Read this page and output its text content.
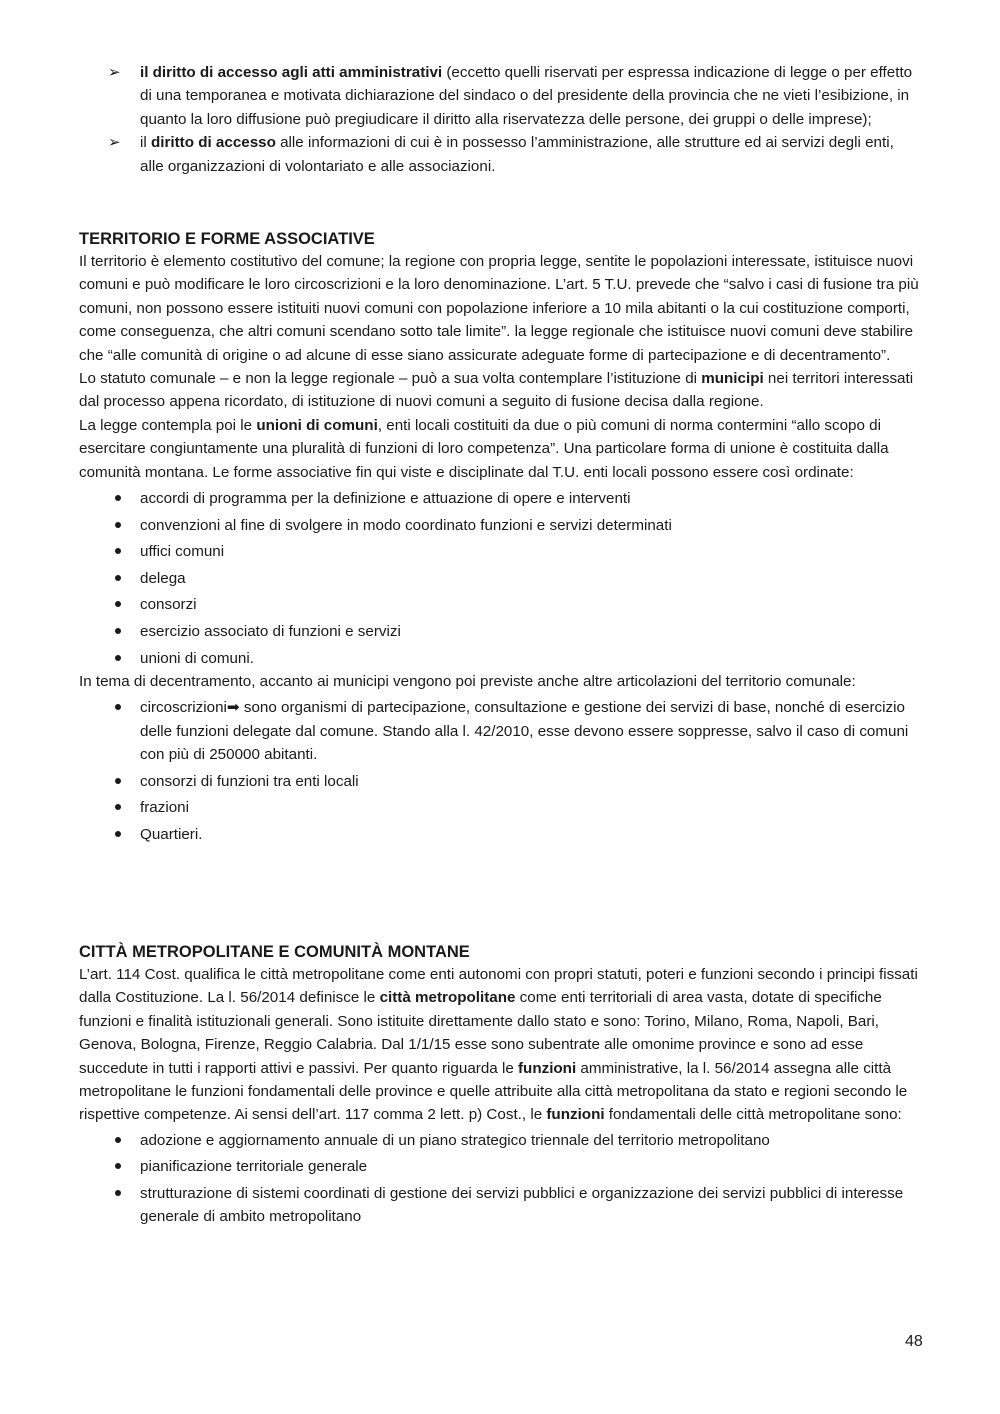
➢ il diritto di accesso agli atti amministrativi (eccetto quelli riservati per espressa indicazione di legge o per effetto di una temporanea e motivata dichiarazione del sindaco o del presidente della provincia che ne vieti l’esibizione, in quanto la loro diffusione può pregiudicare il diritto alla riservatezza delle persone, dei gruppi o delle imprese);
➢ il diritto di accesso alle informazioni di cui è in possesso l’amministrazione, alle strutture ed ai servizi degli enti, alle organizzazioni di volontariato e alle associazioni.
TERRITORIO E FORME ASSOCIATIVE

Il territorio è elemento costitutivo del comune; la regione con propria legge, sentite le popolazioni interessate, istituisce nuovi comuni e può modificare le loro circoscrizioni e la loro denominazione. L’art. 5 T.U. prevede che “salvo i casi di fusione tra più comuni, non possono essere istituiti nuovi comuni con popolazione inferiore a 10 mila abitanti o la cui costituzione comporti, come conseguenza, che altri comuni scendano sotto tale limite”. la legge regionale che istituisce nuovi comuni deve stabilire che “alle comunità di origine o ad alcune di esse siano assicurate adeguate forme di partecipazione e di decentramento”.

Lo statuto comunale – e non la legge regionale – può a sua volta contemplare l’istituzione di municipi nei territori interessati dal processo appena ricordato, di istituzione di nuovi comuni a seguito di fusione decisa dalla regione.

La legge contempla poi le unioni di comuni, enti locali costituiti da due o più comuni di norma contermini “allo scopo di esercitare congiuntamente una pluralità di funzioni di loro competenza”. Una particolare forma di unione è costituita dalla comunità montana. Le forme associative fin qui viste e disciplinate dal T.U. enti locali possono essere così ordinate:

accordi di programma per la definizione e attuazione di opere e interventi
convenzioni al fine di svolgere in modo coordinato funzioni e servizi determinati
uffici comuni
delega
consorzi
esercizio associato di funzioni e servizi
unioni di comuni.

In tema di decentramento, accanto ai municipi vengono poi previste anche altre articolazioni del territorio comunale:

circoscrizioni➡ sono organismi di partecipazione, consultazione e gestione dei servizi di base, nonché di esercizio delle funzioni delegate dal comune. Stando alla l. 42/2010, esse devono essere soppresse, salvo il caso di comuni con più di 250000 abitanti.
consorzi di funzioni tra enti locali
frazioni
Quartieri.
CITTÀ METROPOLITANE E COMUNITÀ MONTANE

L’art. 114 Cost. qualifica le città metropolitane come enti autonomi con propri statuti, poteri e funzioni secondo i principi fissati dalla Costituzione. La l. 56/2014 definisce le città metropolitane come enti territoriali di area vasta, dotate di specifiche funzioni e finalità istituzionali generali. Sono istituite direttamente dallo stato e sono: Torino, Milano, Roma, Napoli, Bari, Genova, Bologna, Firenze, Reggio Calabria. Dal 1/1/15 esse sono subentrate alle omonime province e sono ad esse succedute in tutti i rapporti attivi e passivi. Per quanto riguarda le funzioni amministrative, la l. 56/2014 assegna alle città metropolitane le funzioni fondamentali delle province e quelle attribuite alla città metropolitana da stato e regioni secondo le rispettive competenze. Ai sensi dell’art. 117 comma 2 lett. p) Cost., le funzioni fondamentali delle città metropolitane sono:

adozione e aggiornamento annuale di un piano strategico triennale del territorio metropolitano
pianificazione territoriale generale
strutturazione di sistemi coordinati di gestione dei servizi pubblici e organizzazione dei servizi pubblici di interesse generale di ambito metropolitano
48
